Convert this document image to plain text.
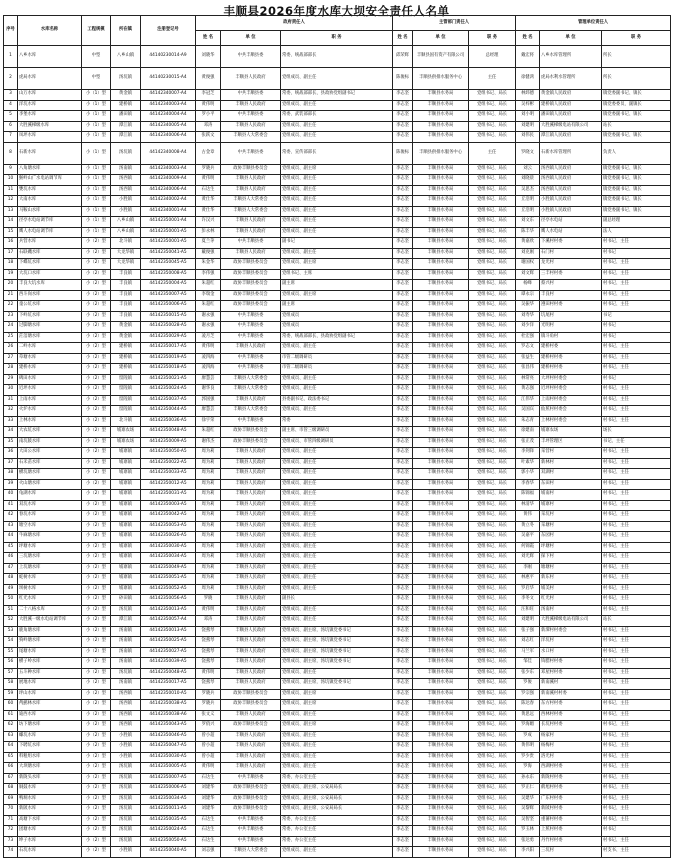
丰顺县2026年度水库大坝安全责任人名单
序号	水库名称	工程规模	所在镇	注册登记号	政府责任人			主管部门责任人			管理单位责任人		
					姓 名	单 位	职 务	姓 名	单 位	职 务	姓 名	单 位	职 务
1	八乡水库	中型	八乡山镇	44140230014-A9	刘晓华	中共丰顺县委	常委、统战部部长	邱荣辉	丰顺县国有资产有限公司	总经理	戴宏将	八乡水库管理所	所长
2	虎局水库	中型	汤坑镇	44140230015-A4	黄俊强	丰顺县人民政府	党组成员、副主任	陈俊标	丰顺县供排水服务中心	主任	徐健鸿	虎局水利水管理所	所长
3	山万水库	小（1）型	黄金镇	44142340007-A4	李冠芝	中共丰顺县委	常委、统战部部长、县政协党组副书记	李志坚	丰顺县水务局	党组书记、局长	林炜德	黄金镇人民政府	镇党委副书记、镇长
4	洋坑水库	小（1）型	建桥镇	44142340003-A4	黄伟明	丰顺县人民政府	党组成员、副主任	李志坚	丰顺县水务局	党组书记、局长	吴梓彬	建桥镇人民政府	镇党委委员、副镇长
5	李堡水库	小（1）型	潘田镇	44142340004-A4	罗小平	中共丰顺县委	常委、武装部部长	李志坚	丰顺县水务局	党组书记、局长	刘小明	潘田镇人民政府	镇党委副书记、镇长
6	大胜溪梯级水库	小（1）型	潭江镇	44142340005-A4	邓涛	丰顺县人民政府	党组成员、副主任	李志坚	丰顺县水务局	党组书记、局长	刘建明	大胜溪梯级电站有限公司	站长
7	凤坪水库	小（1）型	潭江镇	44142340006-A4	张跃文	丰顺县人大常委会	党组成员、副主任	李志坚	丰顺县水务局	党组书记、局长	刘伟民	潭江镇人民政府	镇党委副书记、镇长
8	石新水库	小（1）型	汤坑镇	44142340008-A4	古金章	中共丰顺县委	常委、宣传部部长	陈俊标	丰顺县供排水服务中心	主任	罗晓文	石新水库管理所	负责人
9	八角塘水库	小（1）型	汤南镇	44142340003-A4	罗晓兵	政协丰顺县委员会	党组成员、副主席	李志坚	丰顺县水务局	党组书记、局长	刘云	汤西镇人民政府	镇党委副书记、镇长
10	猴岭山广水电站调节库	小（1）型	汤西镇	44142340009-A4	黄伟明	丰顺县人民政府	党组成员、副主任	李志坚	丰顺县水务局	党组书记、局长	刘晓晨	汤西镇人民政府	镇党委副书记、镇长
11	甕坑水库	小（1）型	汤西镇	44142340006-A4	石达生	丰顺县人民政府	党组成员、副主任	李志坚	丰顺县水务局	党组书记、局长	吴思杰	汤西镇人民政府	镇党委副书记、镇长
12	大南水库	小（1）型	小胜镇	44142340002-A4	黄仕华	丰顺县人大常委会	党组成员、副主任	李志坚	丰顺县水务局	党组书记、局长	丘浩明	小胜镇人民政府	镇党委副书记、镇长
13	马鞍山水库	小（1）型	小胜镇	44142340001-A4	黄仕华	丰顺县人大常委会	党组成员、副主任	李志坚	丰顺县水务局	党组书记、局长	丘浩明	小胜镇人民政府	镇党委副书记、镇长
14	径亭水电站调节库	小（1）型	八乡山镇	44142350001-A4	许汉兴	丰顺县人民政府	党组成员、副主任	李志坚	丰顺县水务局	党组书记、局长	刘文东	径亭水电站	副总经理
15	鹰人水电站调节库	小（1）型	八乡山镇	44142350001-A5	彭永林	丰顺县人民政府	党组成员、副主任	李志坚	丰顺县水务局	党组书记、局长	陈丰华	鹰人水电站	法人
16	兵营水库	小（2）型	北斗镇	44142350001-A5	夏兰茅	中共丰顺县委	副书记	李志坚	丰顺县水务局	党组书记、局长	黄嘉欣	下溪村村委	村书记、主任
17	石联磯水库	小（2）型	大龙华镇	44142350041-A5	戴俊强	丰顺县人民政府	党组成员、副主任	李志坚	丰顺县水务局	党组书记、局长	刘克刚	石门村	村书记
18	下蝶坑水库	小（2）型	大龙华镇	44142350045-A5	朱金华	政协丰顺县委员会	党组成员、副主席	李志坚	丰顺县水务局	党组书记、局长	谢国权	龙光村	村书记、主任
19	大坑口水库	小（2）型	丰良镇	44142350008-A5	李伟强	政协丰顺县委员会	党组书记、主席	李志坚	丰顺县水务局	党组书记、局长	刘文辉	三丰村村委	村书记、主任
20	丰良大坑水库	小（2）型	丰良镇	44142350004-A5	朱超红	政协丰顺县委员会	副主席	李志坚	丰顺县水务局	党组书记、局长	杨峰	蔡兴村	村书记、主任
21	西斗岗水库	小（2）型	丰良镇	44142350007-A5	李瑞金	政协丰顺县委员会	党组成员、副主席	李志坚	丰顺县水务局	党组书记、局长	谭永宗	丰良村	村书记、主任
22	童公坑水库	小（2）型	丰良镇	44142350006-A5	朱超红	政协丰顺县委员会	副主席	李志坚	丰顺县水务局	党组书记、局长	吴振华	遵田村村委	村书记、主任
23	下岭坑水库	小（2）型	丰良镇	44142350015-A5	谢永强	中共丰顺县委	党组成员	李志坚	丰顺县水务局	党组书记、局长	刘寿华	坑尾村	书记
24	过脚塘水库	小（2）型	黄金镇	44142350028-A5	谢永强	中共丰顺县委	党组成员	李志坚	丰顺县水务局	党组书记、局长	刘少洋	光明村	村书记
25	茫滘塘水库	小（2）型	黄金镇	44142350029-A5	凌月芝	中共丰顺县委	常委、统战部部长、县政协党组副书记	李志坚	丰顺县水务局	党组书记、局长	杜宏强	镇斗角村	村书记
26	二岭水库	小（2）型	建桥镇	44142350017-A5	黄伟明	丰顺县人民政府	党组成员、副主任	李志坚	丰顺县水务局	党组书记、局长	罗志文	建桥村委	村书记、主任
27	草塘水库	小（2）型	建桥镇	44142350019-A5	凌四海	中共丰顺县委	市管二级调研员	李志坚	丰顺县水务局	党组书记、局长	张益生	建桥村村委	村书记、主任
28	建桥水库	小（2）型	建桥镇	44142350018-A5	凌四海	中共丰顺县委	市管二级调研员	李志坚	丰顺县水务局	党组书记、局长	张昌伟	建桥村村委	村书记、主任
29	碑田水库	小（2）型	留隍镇	44142350021-A5	廖慧芸	丰顺县人大常委会	党组成员、副主任	李志坚	丰顺县水务局	党组书记、局长	林常亮	大坪村村委会	村书记
30	近坪水库	小（2）型	留隍镇	44142350024-A5	谢华良	丰顺县人大常委会	党组成员、副主任	李志坚	丰顺县水务局	党组书记、局长	黄志强	近坪村村委会	村书记、主任
31	上雨水库	小（2）型	留隍镇	44142350037-A5	郭国强	丰顺县人民政府	县委副书记、政法委书记	李志坚	丰顺县水务局	党组书记、局长	江伟华	上雨村村委会	村书记、主任
32	火炉水库	小（2）型	留隍镇	44142350044-A5	廖慧芸	丰顺县人大常委会	党组成员、副主任	李志坚	丰顺县水务局	党组书记、局长	吴国宾	仙蕉村村委会	村书记、主任
33	上林水库	小（2）型	北斗镇	44142350036-A5	徐宇荣	中共丰顺县委	常委	李志坚	丰顺县水务局	党组书记、局长	朱志青	上林村村委会	村书记、主任
34	大农坑水库	小（2）型	埔寨农场	44142350048-A5	朱超红	政协丰顺县委员会	副主席、市管三级调研员	李志坚	丰顺县水务局	党组书记、局长	徐建南	埔寨农场	场长
35	南坑陂水库	小（2）型	埔寨农场	44142350009-A5	谢伟杰	政协丰顺县委员会	党组成员、市管四级调研员	李志坚	丰顺县水务局	党组书记、局长	张正茂	丰坪管理区	书记、主任
36	大田公水库	小（2）型	埔寨镇	44142350050-A5	周为莉	丰顺县人民政府	党组成员、副主任	李志坚	丰顺县水务局	党组书记、局长	李剑锋	采营村	村书记、主任
37	石禾苗水库	小（2）型	埔寨镇	44142350022-A5	周为莉	丰顺县人民政府	党组成员、副主任	李志坚	丰顺县水务局	党组书记、局长	叶素华	新林村	村书记、主任
38	横坑塘水库	小（2）型	埔寨镇	44142350033-A5	周为莉	丰顺县人民政府	党组成员、副主任	李志坚	丰顺县水务局	党组书记、局长	郭小华	双湖村	村书记、主任
39	火山塘水库	小（2）型	埔寨镇	44142350012-A5	周为莉	丰顺县人民政府	党组成员、副主任	李志坚	丰顺县水务局	党组书记、局长	李春华	东田村	村书记、主任
40	龟湖水库	小（2）型	埔寨镇	44142350031-A5	周为莉	丰顺县人民政府	党组成员、副主任	李志坚	丰顺县水务局	党组书记、局长	陈锦福	埔南村	村书记、主任
41	双坑水库	小（2）型	埔寨镇	44142350003-A5	周为莉	丰顺县人民政府	党组成员、副主任	李志坚	丰顺县水务局	党组书记、局长	林清华	埔寨村	村书记、主任
42	春坑水库	小（2）型	埔寨镇	44142350042-A5	周为莉	丰顺县人民政府	党组成员、副主任	李志坚	丰顺县水务局	党组书记、局长	黄伟	采坑村	村书记、主任
43	塘空水库	小（2）型	埔寨镇	44142350053-A5	周为莉	丰顺县人民政府	党组成员、副主任	李志坚	丰顺县水务局	党组书记、局长	黄立冬	采塘村	村书记、主任
44	牛麻塘水库	小（2）型	埔寨镇	44142350026-A5	周为莉	丰顺县人民政府	党组成员、副主任	李志坚	丰顺县水务局	党组书记、局长	吴嘉平	东园村	村书记、主任
45	坪塘水库	小（2）型	埔寨镇	44142350030-A5	周为莉	丰顺县人民政府	党组成员、副主任	李志坚	丰顺县水务局	党组书记、局长	何锦霞	坪塘村	村书记、主任
46	三坑塘水库	小（2）型	埔寨镇	44142350034-A5	周为莉	丰顺县人民政府	党组成员、副主任	李志坚	丰顺县水务局	党组书记、局长	刘光辉	探下村	村书记、主任
47	上坑塘水库	小（2）型	埔寨镇	44142350049-A5	周为莉	丰顺县人民政府	党组成员、副主任	李志坚	丰顺县水务局	党组书记、局长	李刚	塘塘村	村书记、主任
48	蛇树水库	小（2）型	埔寨镇	44142350051-A5	周为莉	丰顺县人民政府	党组成员、副主任	李志坚	丰顺县水务局	党组书记、局长	林惠平	新东村	村书记、主任
49	坝树水库	小（2）型	埔寨镇	44142350052-A5	周为莉	丰顺县人民政府	党组成员、副主任	李志坚	丰顺县水务局	党组书记、局长	罗启华	埔美村	村书记、主任
50	红光水库	小（2）型	砂田镇	44142350056-A5	罗晓	丰顺县人民政府	副县长	李志坚	丰顺县水务局	党组书记、局长	李冬文	红光村	村书记、主任
51	二十八格水库	小（2）型	汤坑镇	44142350013-A5	黄伟明	丰顺县人民政府	党组成员、副主任	李志坚	丰顺县水务局	党组书记、局长	汪和旺	汤南村	村书记、主任
52	大胜溪一级水电站调节库	小（2）型	潭江镇	44142350057-A4	邓涛	丰顺县人民政府	党组成员、副主任	李志坚	丰顺县水务局	党组书记、局长	刘建明	大胜溪梯级电站有限公司	站长
53	鹿角塘水库	小（2）型	汤南镇	44142350013-A5	饶燕琴	丰顺县人民政府	党组成员、副主席，汤坑镇党委书记	李志坚	丰顺县水务局	党组书记、局长	张子强	新潭村村委会	村书记、主任
54	狗岭塘水库	小（2）型	汤南镇	44142350025-A5	饶燕琴	丰顺县人民政府	党组成员、副主席，汤坑镇党委书记	李志坚	丰顺县水务局	党组书记、局长	刘志红	洋坑村	村书记、主任
55	尾塘水库	小（2）型	汤南镇	44142350027-A5	饶燕琴	丰顺县人民政府	党组成员、副主席，汤坑镇党委书记	李志坚	丰顺县水务局	党组书记、局长	马兰军	水口村	村书记、主任
56	横子岭水库	小（2）型	汤南镇	44142350039-A5	饶燕琴	丰顺县人民政府	党组成员、副主席，汤坑镇党委书记	李志坚	丰顺县水务局	党组书记、局长	邹佳	钩腊村村委	村书记、主任
57	五斗种水库	小（2）型	汤坑镇	44142350048-A5	黄伟明	丰顺县人民政府	党组成员、副主任	李志坚	丰顺县水务局	党组书记、局长	张少东	邓屋村村委	村书记、主任
58	展地水库	小（2）型	汤南镇	44142350017-A5	饶燕琴	丰顺县人民政府	党组成员、副主席，汤坑镇党委书记	李志坚	丰顺县水务局	党组书记、局长	罗俊	新南溪村	村书记、主任
59	坪山水库	小（2）型	汤西镇	44142350010-A5	罗晓兵	政协丰顺县委员会	党组成员、副主席	李志坚	丰顺县水务局	党组书记、局长	罗宗强	新南溪村村委	村书记、主任
60	鸬鹚林水库	小（2）型	汤西镇	44142350038-A5	罗晓兵	政协丰顺县委员会	党组成员、副主席	李志坚	丰顺县水务局	党组书记、局长	陈达春	东方村村委	村书记、主任
61	迪西水库	小（2）型	汤西镇	44142350038-A6	张文义	丰顺县人民政府	党组成员、副主任	李志坚	丰顺县水务局	党组书记、局长	黄思远	西林村村委	村书记、主任
62	坊下塘水库	小（2）型	汤西镇	44142350043-A5	罗俏兴	政协丰顺县委员会	党组成员、副主席	李志坚	丰顺县水务局	党组书记、局长	罗海媚	长坑村村委	村书记、主任
63	螺坑水库	小（2）型	小胜镇	44142350046-A5	曾小超	丰顺县人民政府	党组成员、副主任	李志坚	丰顺县水务局	党组书记、局长	罗成	杨家村	村书记、主任
64	下聘坑水库	小（2）型	小胜镇	44142350047-A5	曾小超	丰顺县人民政府	党组成员、副主任	李志坚	丰顺县水务局	党组书记、局长	黄伟明	杨梅村	村书记、主任
65	料粗组水库	小（2）型	小胜镇	44142350030-A5	曾小超	丰顺县人民政府	党组成员、副主任	李志坚	丰顺县水务局	党组书记、局长	罗少贵	洛光村	村书记、主任
66	大坝塘水库	小（2）型	汤坑镇	44142350005-A5	黄伟明	丰顺县人民政府	党组成员、副主任	李志坚	丰顺县水务局	党组书记、局长	罗海	西湖村村委	村书记、主任
67	新陇头水库	小（2）型	汤坑镇	44142350007-A5	石达生	中共丰顺县委	常委、办公室主任	李志坚	丰顺县水务局	党组书记、局长	孙永东	新陇村村委	村书记、主任
68	铜鼓水库	小（2）型	汤坑镇	44142350006-A5	刘建华	政协丰顺县委员会	党组成员、副主席、公安局局长	李志坚	丰顺县水务局	党组书记、局长	罗正仁	鹤旭村村委	村书记、主任
69	鸭垌水库	小（2）型	汤坑镇	44142350034-A5	刘建华	政协丰顺县委员会	党组成员、副主席、公安局局长	李志坚	丰顺县水务局	党组书记、局长	吴建华	广东村村委	村书记、主任
70	新陂水库	小（2）型	汤坑镇	44142350011-A5	刘建华	政协丰顺县委员会	党组成员、副主席、公安局局长	李志坚	丰顺县水务局	党组书记、局长	吴黎辉	新陂村村委	村书记、主任
71	高塘下水库	小（2）型	汤坑镇	44142350035-A5	石达生	中共丰顺县委	常委、办公室主任	李志坚	丰顺县水务局	党组书记、局长	吴智坚	重蕃村村委	村书记、主任
72	团塘水库	小（2）型	汤坑镇	44142350024-A5	石达生	中共丰顺县委	常委、办公室主任	李志坚	丰顺县水务局	党组书记、局长	罗玉林	上蕉村村委	村书记
73	坤子水库	小（2）型	汤坑镇	44142350050-A5	石达生	中共丰顺县委	常委、办公室主任	李志坚	丰顺县水务局	党组书记、局长	张达勇	丹竹村村委	村书记、主任
74	石坑水库	小（2）型	小胜镇	44142350040-A5	刘志强	丰顺县人大常委会	党组成员、副主任	李志坚	丰顺县水务局	党组书记、局长	李兴阳	三坑村	村支书、主任
